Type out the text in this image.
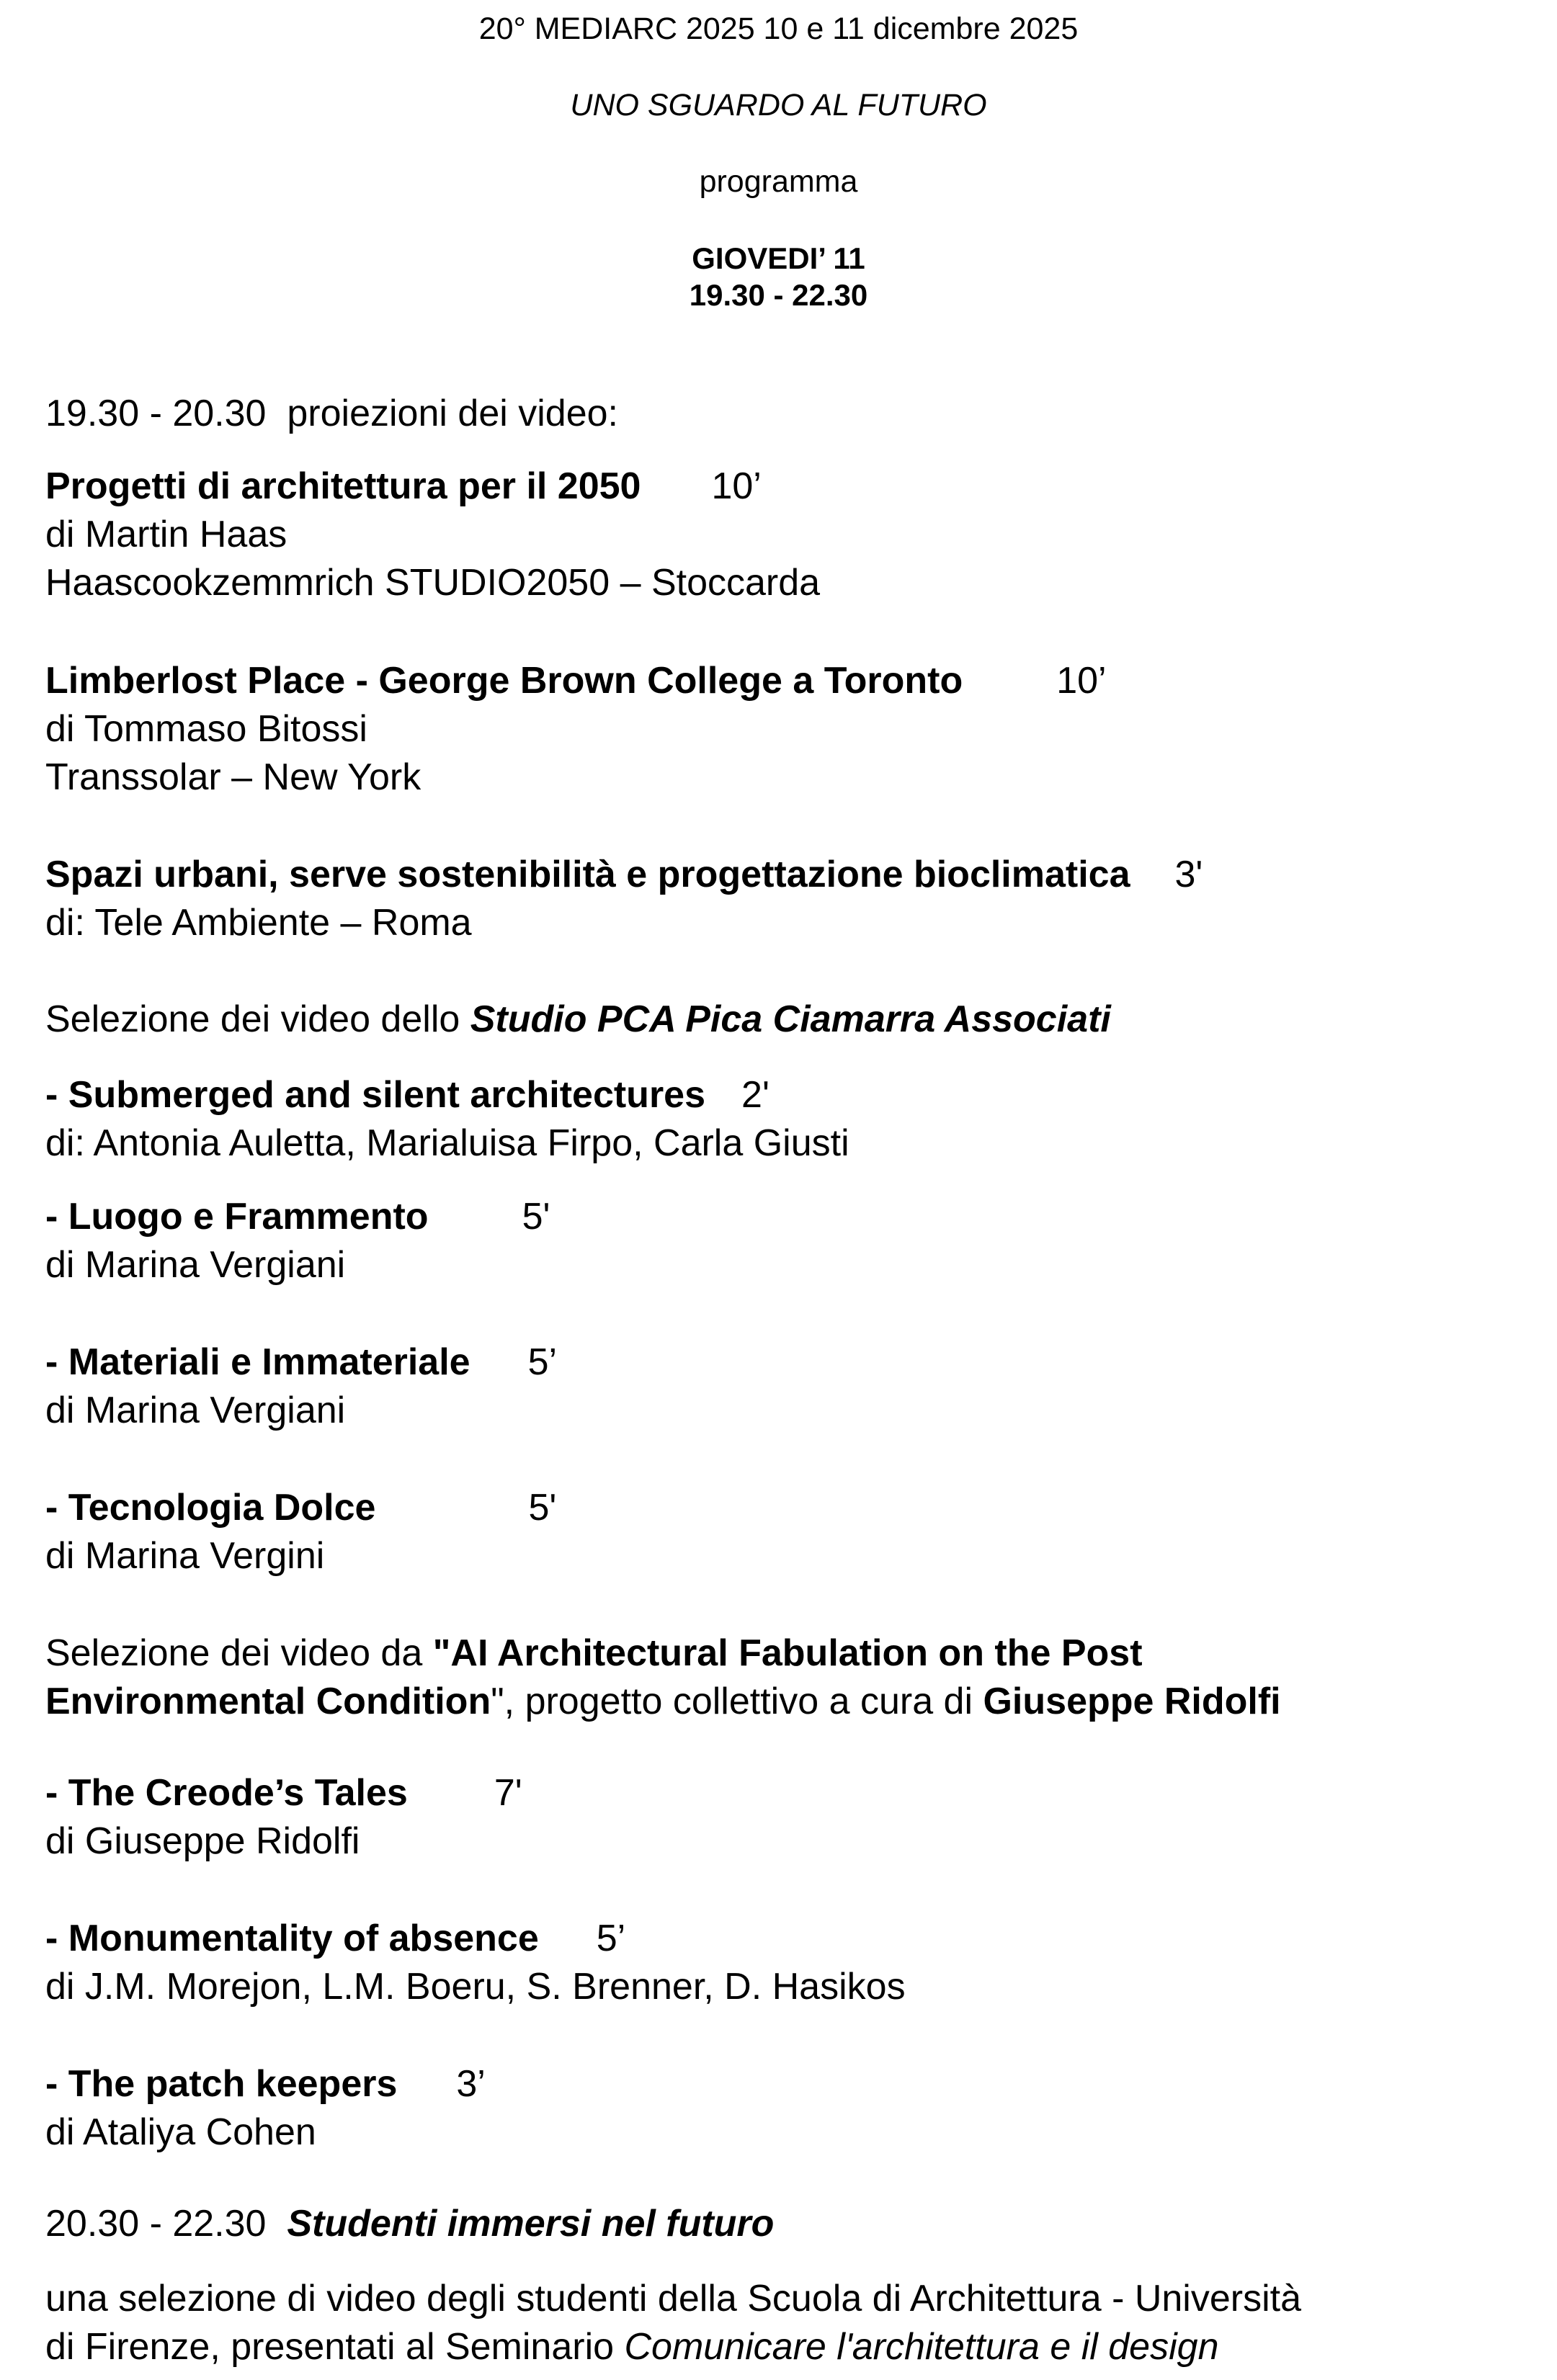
20° MEDIARC 2025 10 e 11 dicembre 2025
UNO SGUARDO AL FUTURO
programma
GIOVEDI’ 11
19.30 - 22.30
19.30 - 20.30 proiezioni dei video:
Progetti di architettura per il 2050 10’
di Martin Haas
Haascookzemmrich STUDIO2050 – Stoccarda
Limberlost Place - George Brown College a Toronto	10’
di Tommaso Bitossi
Transsolar – New York
Spazi urbani, serve sostenibilità e progettazione bioclimatica 3'
di: Tele Ambiente – Roma
Selezione dei video dello Studio PCA Pica Ciamarra Associati
- Submerged and silent architectures 2'
di: Antonia Auletta, Marialuisa Firpo, Carla Giusti
- Luogo e Frammento	5'
di Marina Vergiani
- Materiali e Immateriale 5’
di Marina Vergiani
- Tecnologia Dolce	5'
di Marina Vergini
Selezione dei video da "AI Architectural Fabulation on the Post
Environmental Condition", progetto collettivo a cura di Giuseppe Ridolfi
- The Creode’s Tales 7'
di Giuseppe Ridolfi
- Monumentality of absence 5’
di J.M. Morejon, L.M. Boeru, S. Brenner, D. Hasikos
- The patch keepers 3’
di Ataliya Cohen
20.30 - 22.30 Studenti immersi nel futuro
una selezione di video degli studenti della Scuola di Architettura - Università
di Firenze, presentati al Seminario Comunicare l'architettura e il design
